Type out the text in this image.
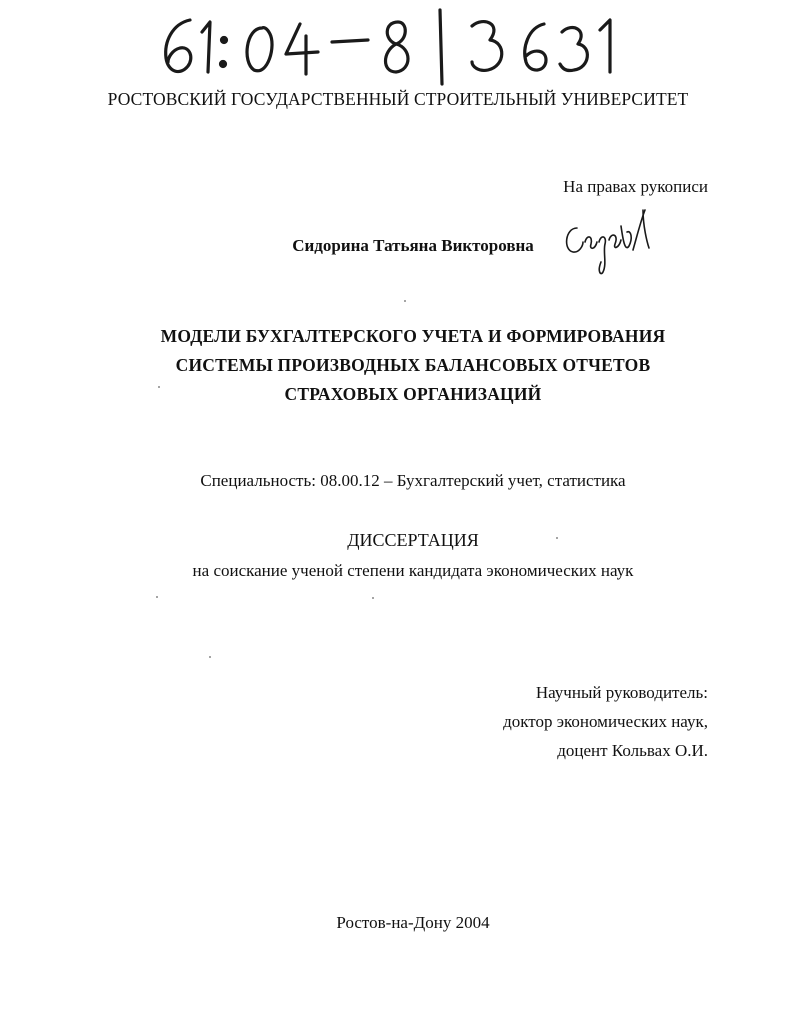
РОСТОВСКИЙ ГОСУДАРСТВЕННЫЙ СТРОИТЕЛЬНЫЙ УНИВЕРСИТЕТ
На правах рукописи
Сидорина Татьяна Викторовна
МОДЕЛИ БУХГАЛТЕРСКОГО УЧЕТА И ФОРМИРОВАНИЯ
СИСТЕМЫ ПРОИЗВОДНЫХ БАЛАНСОВЫХ ОТЧЕТОВ
СТРАХОВЫХ ОРГАНИЗАЦИЙ
Специальность: 08.00.12 – Бухгалтерский учет, статистика
ДИССЕРТАЦИЯ
на соискание ученой степени кандидата экономических наук
Научный руководитель:
доктор экономических наук,
доцент Кольвах О.И.
Ростов-на-Дону 2004
